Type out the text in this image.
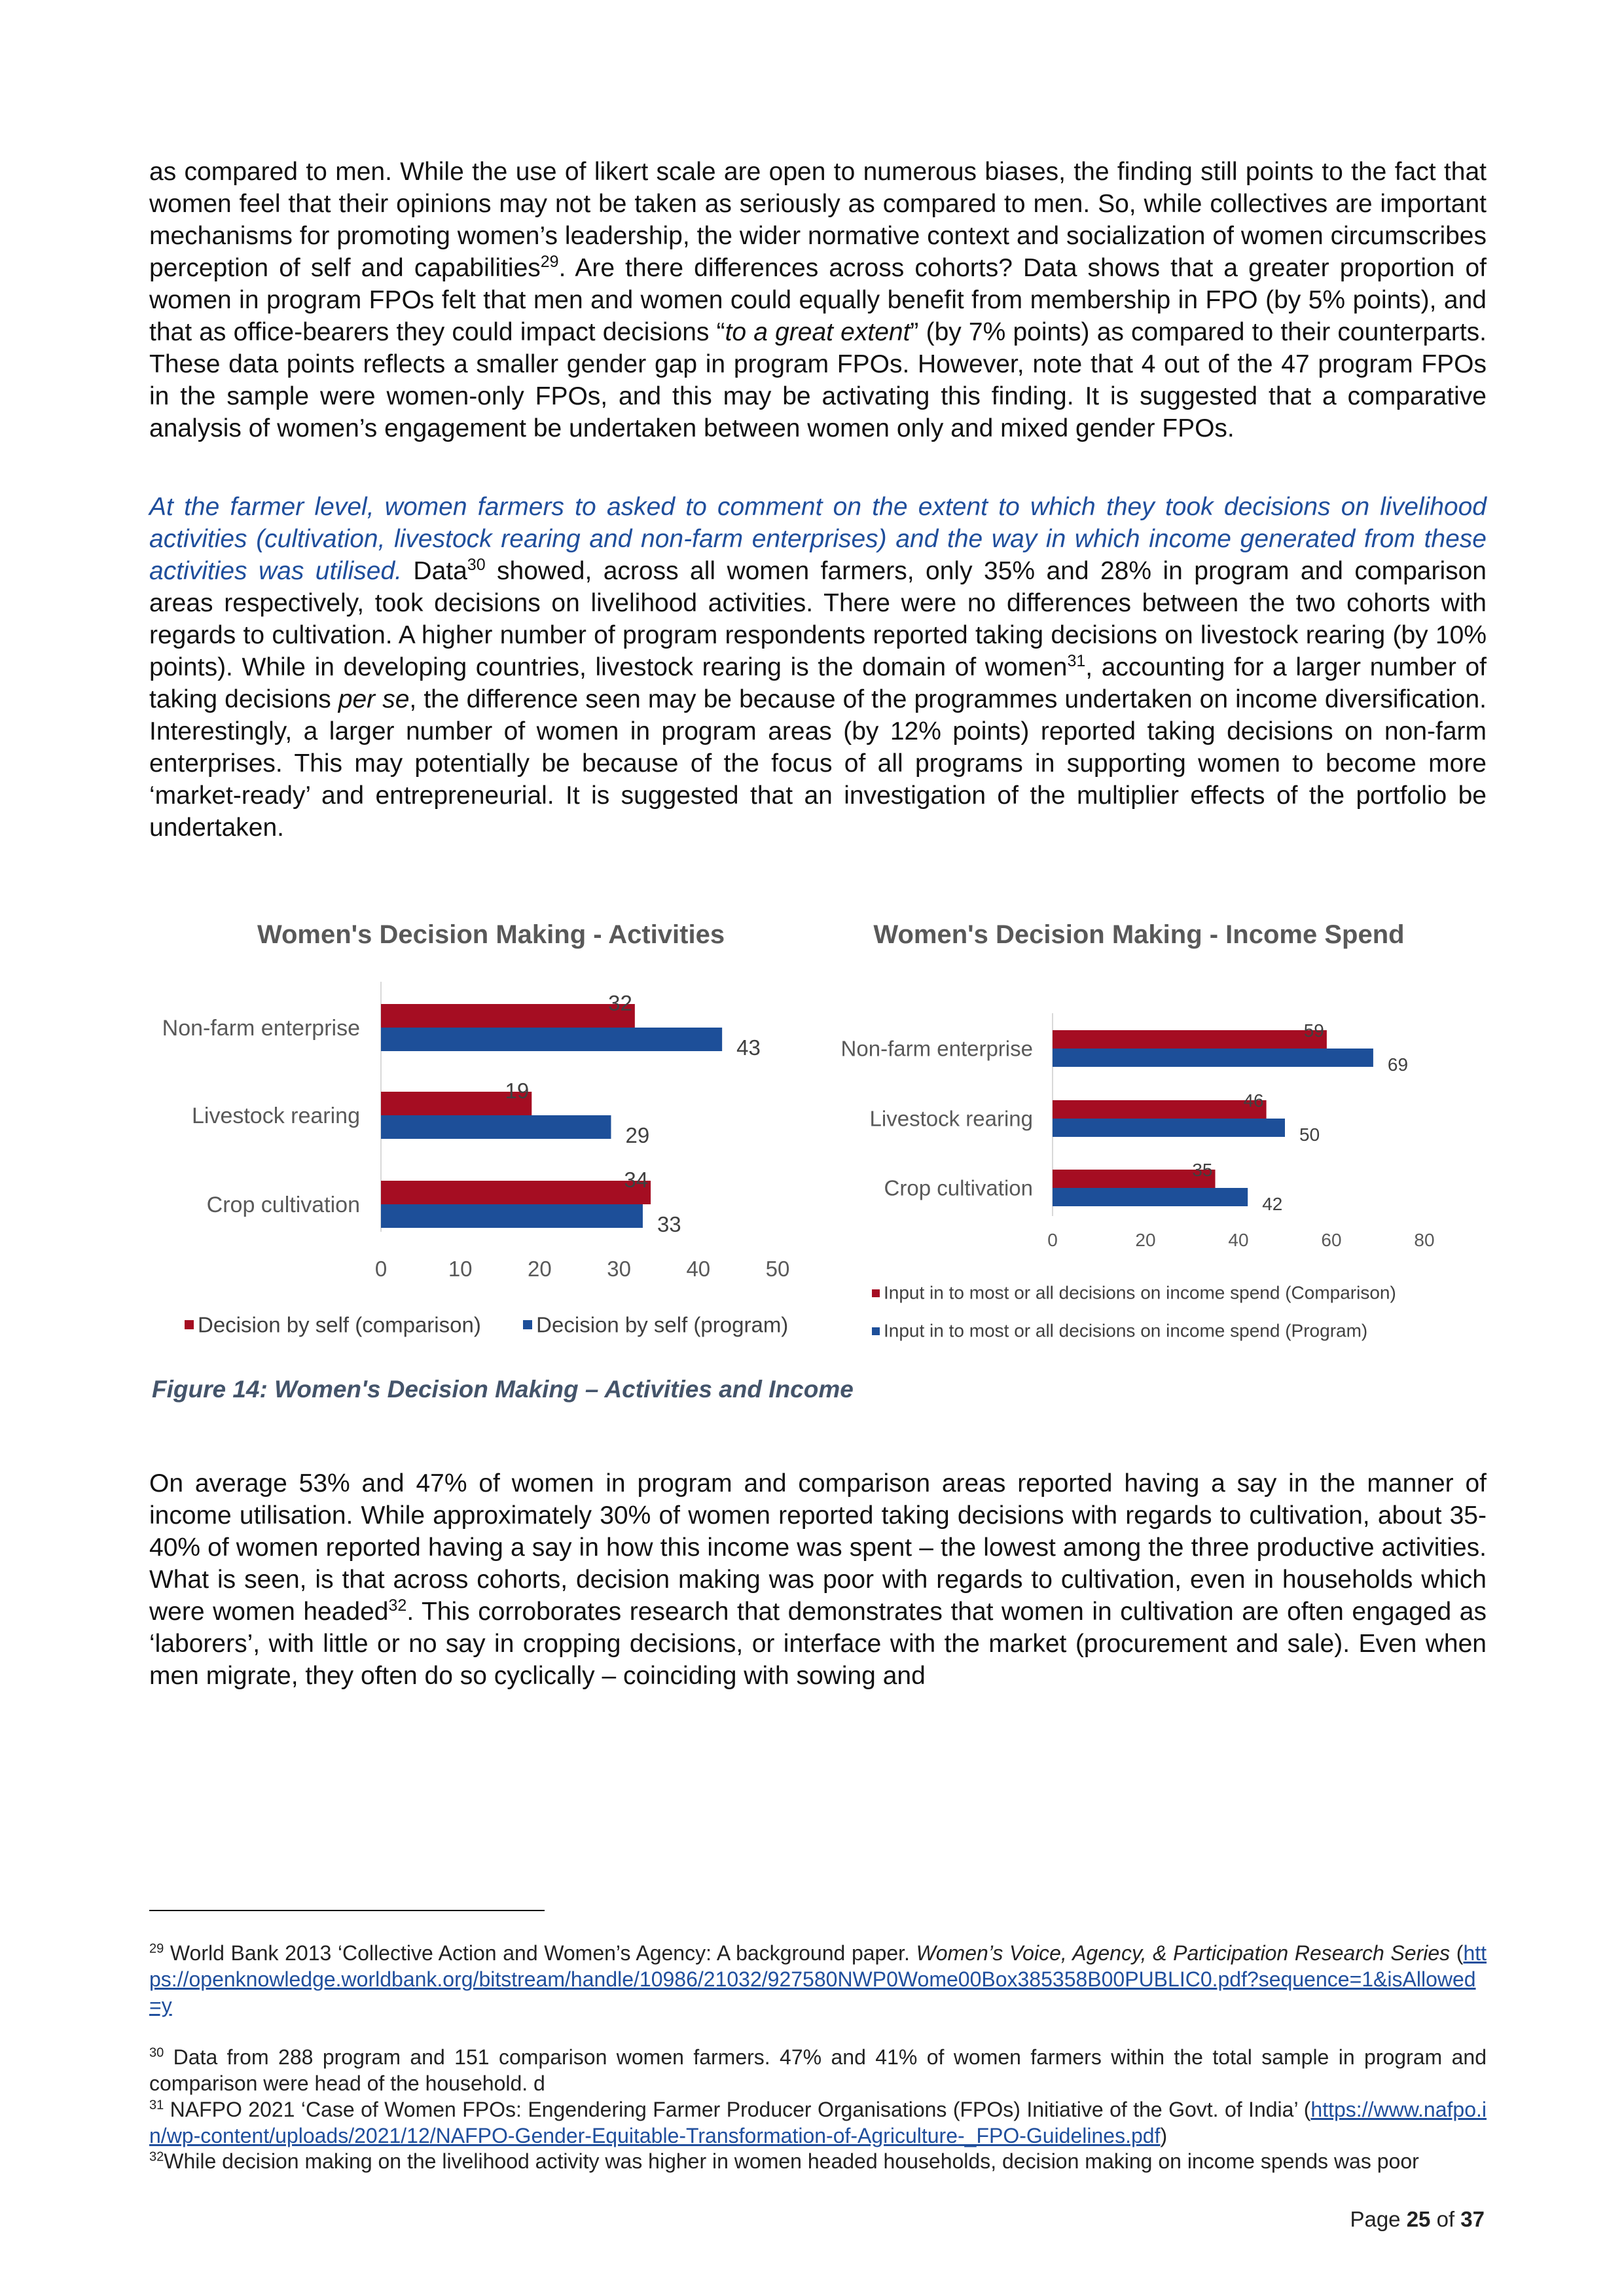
as compared to men. While the use of likert scale are open to numerous biases, the finding still points to the fact that women feel that their opinions may not be taken as seriously as compared to men. So, while collectives are important mechanisms for promoting women’s leadership, the wider normative context and socialization of women circumscribes perception of self and capabilities$^{29}$. Are there differences across cohorts? Data shows that a greater proportion of women in program FPOs felt that men and women could equally benefit from membership in FPO (by 5% points), and that as office-bearers they could impact decisions “to a great extent” (by 7% points) as compared to their counterparts. These data points reflects a smaller gender gap in program FPOs. However, note that 4 out of the 47 program FPOs in the sample were women-only FPOs, and this may be activating this finding. It is suggested that a comparative analysis of women’s engagement be undertaken between women only and mixed gender FPOs.

At the farmer level, women farmers to asked to comment on the extent to which they took decisions on livelihood activities (cultivation, livestock rearing and non-farm enterprises) and the way in which income generated from these activities was utilised. Data$^{30}$ showed, across all women farmers, only 35% and 28% in program and comparison areas respectively, took decisions on livelihood activities. There were no differences between the two cohorts with regards to cultivation. A higher number of program respondents reported taking decisions on livestock rearing (by 10% points). While in developing countries, livestock rearing is the domain of women$^{31}$, accounting for a larger number of taking decisions per se, the difference seen may be because of the programmes undertaken on income diversification. Interestingly, a larger number of women in program areas (by 12% points) reported taking decisions on non-farm enterprises. This may potentially be because of the focus of all programs in supporting women to become more ‘market-ready’ and entrepreneurial. It is suggested that an investigation of the multiplier effects of the portfolio be undertaken.

Women's Decision Making - Activities
0	10	20	30	40	50
Non-farm enterprise
32
43
Livestock rearing
19
29
Crop cultivation
34
33
0	20	40	60	80
Non-farm enterprise
59
69
Livestock rearing
46
50
Crop cultivation
35
42
Decision by self (comparison)	Decision by self (program)
Women's Decision Making - Income Spend
Input in to most or all decisions on income spend (Comparison)
Input in to most or all decisions on income spend (Program)

Figure 14: Women's Decision Making – Activities and Income

On average 53% and 47% of women in program and comparison areas reported having a say in the manner of income utilisation. While approximately 30% of women reported taking decisions with regards to cultivation, about 35-40% of women reported having a say in how this income was spent – the lowest among the three productive activities. What is seen, is that across cohorts, decision making was poor with regards to cultivation, even in households which were women headed$^{32}$. This corroborates research that demonstrates that women in cultivation are often engaged as ‘laborers’, with little or no say in cropping decisions, or interface with the market (procurement and sale). Even when men migrate, they often do so cyclically – coinciding with sowing and

$^{29}$ World Bank 2013 ‘Collective Action and Women’s Agency: A background paper. Women’s Voice, Agency, & Participation Research Series (https://openknowledge.worldbank.org/bitstream/handle/10986/21032/927580NWP0Wome00Box385358B00PUBLIC0.pdf?sequence=1&isAllowed=y

$^{30}$ Data from 288 program and 151 comparison women farmers. 47% and 41% of women farmers within the total sample in program and comparison were head of the household. d

$^{31}$ NAFPO 2021 ‘Case of Women FPOs: Engendering Farmer Producer Organisations (FPOs) Initiative of the Govt. of India’ (https://www.nafpo.in/wp-content/uploads/2021/12/NAFPO-Gender-Equitable-Transformation-of-Agriculture-_FPO-Guidelines.pdf)

$^{32}$While decision making on the livelihood activity was higher in women headed households, decision making on income spends was poor

Page 25 of 37
